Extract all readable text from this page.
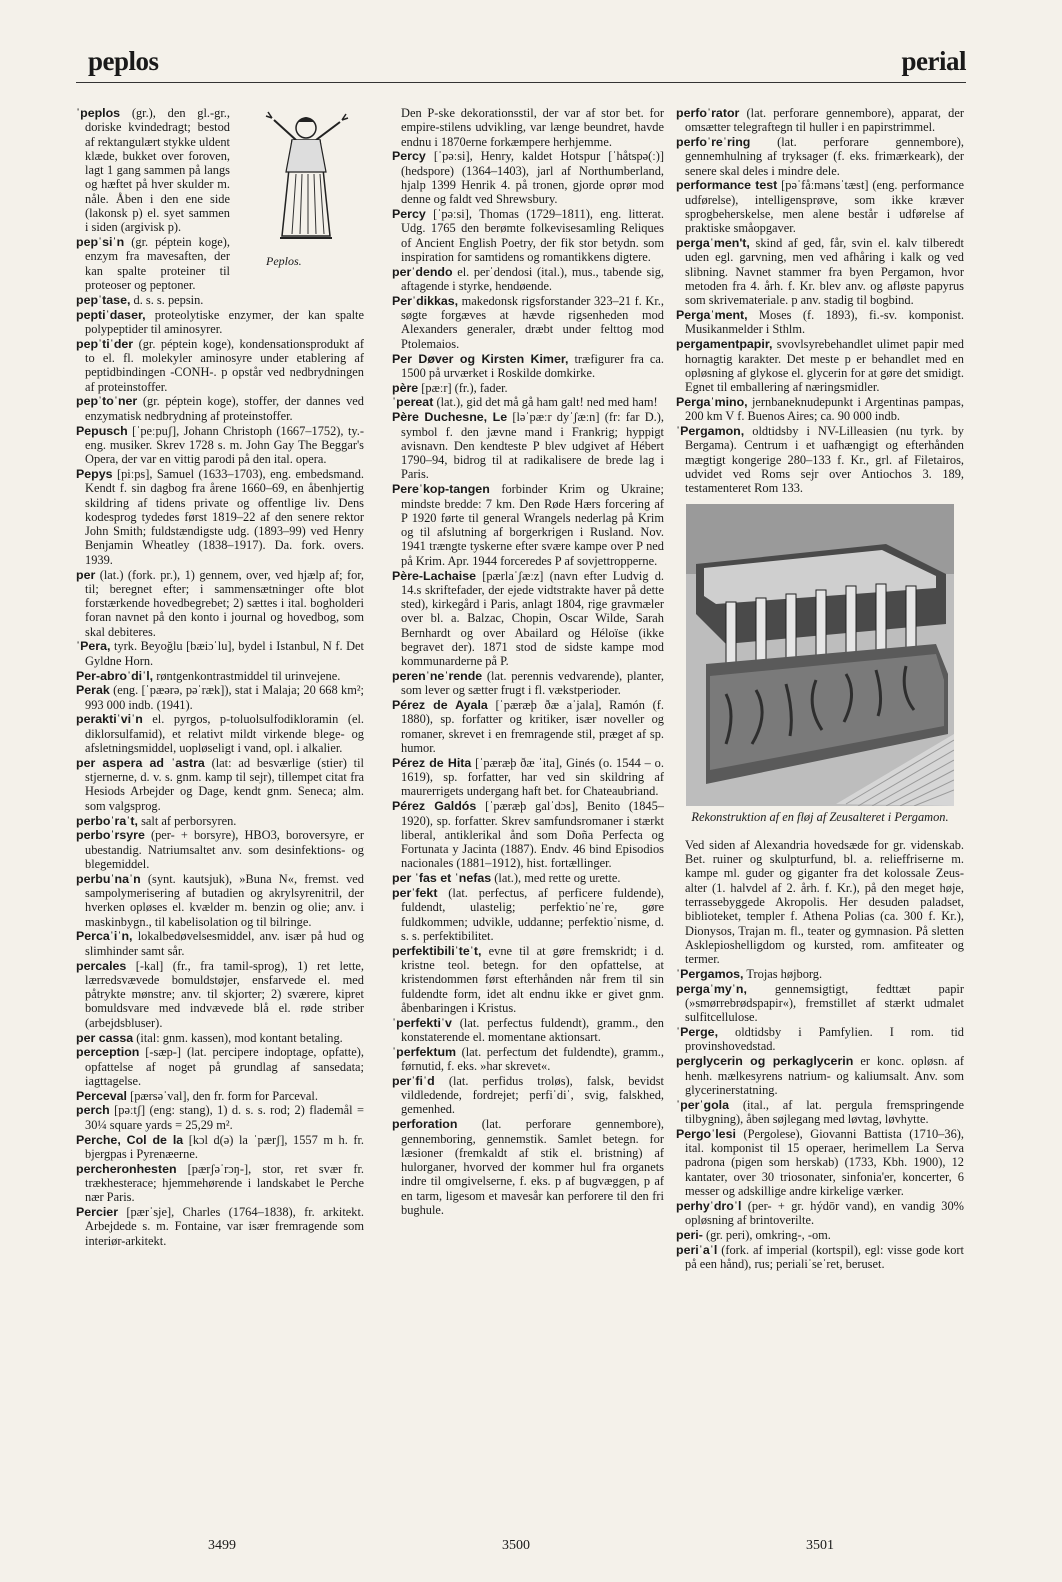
peplos	perial
Peplos.
ˈpeplos (gr.), den gl.-gr., doriske kvindedragt; bestod af rektangulært stykke uldent klæde, bukket over foroven, lagt 1 gang sammen på langs og hæftet på hver skulder m. nåle. Åben i den ene side (lakonsk p) el. syet sammen i siden (argivisk p).
pepˈsiˈn (gr. péptein koge), enzym fra mavesaften, der kan spalte proteiner til proteoser og peptoner.
pepˈtase, d. s. s. pepsin.
peptiˈdaser, proteolytiske enzymer, der kan spalte polypeptider til aminosyrer.
pepˈtiˈder (gr. péptein koge), kondensationsprodukt af to el. fl. molekyler aminosyre under etablering af peptidbindingen -CONH-. p opstår ved nedbrydningen af proteinstoffer.
pepˈtoˈner (gr. péptein koge), stoffer, der dannes ved enzymatisk nedbrydning af proteinstoffer.
Pepusch [ˈpeːpuʃ], Johann Christoph (1667–1752), ty.-eng. musiker. Skrev 1728 s. m. John Gay The Beggar's Opera, der var en vittig parodi på den ital. opera.
Pepys [piːps], Samuel (1633–1703), eng. embedsmand. Kendt f. sin dagbog fra årene 1660–69, en åbenhjertig skildring af tidens private og offentlige liv. Dens kodesprog tydedes først 1819–22 af den senere rektor John Smith; fuldstændigste udg. (1893–99) ved Henry Benjamin Wheatley (1838–1917). Da. fork. overs. 1939.
per (lat.) (fork. pr.), 1) gennem, over, ved hjælp af; for, til; beregnet efter; i sammensætninger ofte blot forstærkende hovedbegrebet; 2) sættes i ital. bogholderi foran navnet på den konto i journal og hovedbog, som skal debiteres.
ˈPera, tyrk. Beyoğlu [bæiɔˈlu], bydel i Istanbul, N f. Det Gyldne Horn.
Per-abroˈdiˈl, røntgenkontrastmiddel til urinvejene.
Perak (eng. [ˈpæərə, pəˈræk]), stat i Malaja; 20 668 km²; 993 000 indb. (1941).
peraktiˈviˈn el. pyrgos, p-toluolsulfodikloramin (el. diklorsulfamid), et relativt mildt virkende blege- og afsletningsmiddel, uopløseligt i vand, opl. i alkalier.
per aspera ad ˈastra (lat: ad besværlige (stier) til stjernerne, d. v. s. gnm. kamp til sejr), tillempet citat fra Hesiods Arbejder og Dage, kendt gnm. Seneca; alm. som valgsprog.
perboˈraˈt, salt af perborsyren.
perboˈrsyre (per- + borsyre), HBO3, boroversyre, er ubestandig. Natriumsaltet anv. som desinfektions- og blegemiddel.
perbuˈnaˈn (synt. kautsjuk), »Buna N«, fremst. ved sampolymerisering af butadien og akrylsyrenitril, der hverken opløses el. kvælder m. benzin og olie; anv. i maskinbygn., til kabelisolation og til bilringe.
Percaˈiˈn, lokalbedøvelsesmiddel, anv. især på hud og slimhinder samt sår.
percales [-kal] (fr., fra tamil-sprog), 1) ret lette, lærredsvævede bomuldstøjer, ensfarvede el. med påtrykte mønstre; anv. til skjorter; 2) sværere, kipret bomuldsvare med indvævede blå el. røde striber (arbejdsbluser).
per cassa (ital: gnm. kassen), mod kontant betaling.
perception [-sæp-] (lat. percipere indoptage, opfatte), opfattelse af noget på grundlag af sansedata; iagttagelse.
Perceval [pærsəˈval], den fr. form for Parceval.
perch [pəːtʃ] (eng: stang), 1) d. s. s. rod; 2) flademål = 30¼ square yards = 25,29 m².
Perche, Col de la [kɔl d(ə) la ˈpærʃ], 1557 m h. fr. bjergpas i Pyrenæerne.
percheronhesten [pærʃəˈrɔŋ-], stor, ret svær fr. trækhesterace; hjemmehørende i landskabet le Perche nær Paris.
Percier [pærˈsje], Charles (1764–1838), fr. arkitekt. Arbejdede s. m. Fontaine, var især fremragende som interiør-arkitekt.
Den P-ske dekorationsstil, der var af stor bet. for empire-stilens udvikling, var længe beundret, havde endnu i 1870erne forkæmpere herhjemme.
Percy [ˈpəːsi], Henry, kaldet Hotspur [ˈhåtspə(ː)] (hedspore) (1364–1403), jarl af Northumberland, hjalp 1399 Henrik 4. på tronen, gjorde oprør mod denne og faldt ved Shrewsbury.
Percy [ˈpəːsi], Thomas (1729–1811), eng. litterat. Udg. 1765 den berømte folkevisesamling Reliques of Ancient English Poetry, der fik stor betydn. som inspiration for samtidens og romantikkens digtere.
perˈdendo el. perˈdendosi (ital.), mus., tabende sig, aftagende i styrke, hendøende.
Perˈdikkas, makedonsk rigsforstander 323–21 f. Kr., søgte forgæves at hævde rigsenheden mod Alexanders generaler, dræbt under felttog mod Ptolemaios.
Per Døver og Kirsten Kimer, træfigurer fra ca. 1500 på urværket i Roskilde domkirke.
père [pæːr] (fr.), fader.
ˈpereat (lat.), gid det må gå ham galt! ned med ham!
Père Duchesne, Le [ləˈpæːr dyˈʃæːn] (fr: far D.), symbol f. den jævne mand i Frankrig; hyppigt avisnavn. Den kendteste P blev udgivet af Hébert 1790–94, bidrog til at radikalisere de brede lag i Paris.
Pereˈkop-tangen forbinder Krim og Ukraine; mindste bredde: 7 km. Den Røde Hærs forcering af P 1920 førte til general Wrangels nederlag på Krim og til afslutning af borgerkrigen i Rusland. Nov. 1941 trængte tyskerne efter svære kampe over P ned på Krim. Apr. 1944 forceredes P af sovjettropperne.
Père-Lachaise [pærlaˈʃæːz] (navn efter Ludvig d. 14.s skriftefader, der ejede vidtstrakte haver på dette sted), kirkegård i Paris, anlagt 1804, rige gravmæler over bl. a. Balzac, Chopin, Oscar Wilde, Sarah Bernhardt og over Abailard og Héloïse (ikke begravet der). 1871 stod de sidste kampe mod kommunarderne på P.
perenˈneˈrende (lat. perennis vedvarende), planter, som lever og sætter frugt i fl. vækstperioder.
Pérez de Ayala [ˈpæræþ ðæ aˈjala], Ramón (f. 1880), sp. forfatter og kritiker, især noveller og romaner, skrevet i en fremragende stil, præget af sp. humor.
Pérez de Hita [ˈpæræþ ðæ ˈita], Ginés (o. 1544 – o. 1619), sp. forfatter, har ved sin skildring af maurerrigets undergang haft bet. for Chateaubriand.
Pérez Galdós [ˈpæræþ galˈdɔs], Benito (1845–1920), sp. forfatter. Skrev samfundsromaner i stærkt liberal, antiklerikal ånd som Doña Perfecta og Fortunata y Jacinta (1887). Endv. 46 bind Episodios nacionales (1881–1912), hist. fortællinger.
per ˈfas et ˈnefas (lat.), med rette og urette.
perˈfekt (lat. perfectus, af perficere fuldende), fuldendt, ulastelig; perfektioˈneˈre, gøre fuldkommen; udvikle, uddanne; perfektioˈnisme, d. s. s. perfektibilitet.
perfektibiliˈteˈt, evne til at gøre fremskridt; i d. kristne teol. betegn. for den opfattelse, at kristendommen først efterhånden når frem til sin fuldendte form, idet alt endnu ikke er givet gnm. åbenbaringen i Kristus.
ˈperfektiˈv (lat. perfectus fuldendt), gramm., den konstaterende el. momentane aktionsart.
ˈperfektum (lat. perfectum det fuldendte), gramm., førnutid, f. eks. »har skrevet«.
perˈfiˈd (lat. perfidus troløs), falsk, bevidst vildledende, fordrejet; perfiˈdiˈ, svig, falskhed, gemenhed.
perforation (lat. perforare gennembore), gennemboring, gennemstik. Samlet betegn. for læsioner (fremkaldt af stik el. bristning) af hulorganer, hvorved der kommer hul fra organets indre til omgivelserne, f. eks. p af bugvæggen, p af en tarm, ligesom et mavesår kan perforere til den fri bughule.
perfoˈrator (lat. perforare gennembore), apparat, der omsætter telegraftegn til huller i en papirstrimmel.
perfoˈreˈring (lat. perforare gennembore), gennemhulning af tryksager (f. eks. frimærkeark), der senere skal deles i mindre dele.
performance test [pəˈfåːmənsˈtæst] (eng. performance udførelse), intelligensprøve, som ikke kræver sprogbeherskelse, men alene består i udførelse af praktiske småopgaver.
pergaˈmen't, skind af ged, får, svin el. kalv tilberedt uden egl. garvning, men ved afhåring i kalk og ved slibning. Navnet stammer fra byen Pergamon, hvor metoden fra 4. årh. f. Kr. blev anv. og afløste papyrus som skrivemateriale. p anv. stadig til bogbind.
Pergaˈment, Moses (f. 1893), fi.-sv. komponist. Musikanmelder i Sthlm.
pergamentpapir, svovlsyrebehandlet ulimet papir med hornagtig karakter. Det meste p er behandlet med en opløsning af glykose el. glycerin for at gøre det smidigt. Egnet til emballering af næringsmidler.
Pergaˈmino, jernbaneknudepunkt i Argentinas pampas, 200 km V f. Buenos Aires; ca. 90 000 indb.
ˈPergamon, oldtidsby i NV-Lilleasien (nu tyrk. by Bergama). Centrum i et uafhængigt og efterhånden mægtigt kongerige 280–133 f. Kr., grl. af Filetairos, udvidet ved Roms sejr over Antiochos 3. 189, testamenteret Rom 133.
Rekonstruktion af en fløj af Zeusalteret i Pergamon.
Ved siden af Alexandria hovedsæde for gr. videnskab. Bet. ruiner og skulpturfund, bl. a. relieffriserne m. kampe ml. guder og giganter fra det kolossale Zeus-alter (1. halvdel af 2. årh. f. Kr.), på den meget høje, terrassebyggede Akropolis. Her desuden paladset, biblioteket, templer f. Athena Polias (ca. 300 f. Kr.), Dionysos, Trajan m. fl., teater og gymnasion. På sletten Asklepioshelligdom og kursted, rom. amfiteater og termer.
ˈPergamos, Trojas højborg.
pergaˈmyˈn, gennemsigtigt, fedttæt papir (»smørrebrødspapir«), fremstillet af stærkt udmalet sulfitcellulose.
ˈPerge, oldtidsby i Pamfylien. I rom. tid provinshovedstad.
perglycerin og perkaglycerin er konc. opløsn. af henh. mælkesyrens natrium- og kaliumsalt. Anv. som glycerinerstatning.
ˈperˈgola (ital., af lat. pergula fremspringende tilbygning), åben søjlegang med løvtag, løvhytte.
Pergoˈlesi (Pergolese), Giovanni Battista (1710–36), ital. komponist til 15 operaer, herimellem La Serva padrona (pigen som herskab) (1733, Kbh. 1900), 12 kantater, over 30 triosonater, sinfonia'er, koncerter, 6 messer og adskillige andre kirkelige værker.
perhyˈdroˈl (per- + gr. hýdōr vand), en vandig 30% opløsning af brintoverilte.
peri- (gr. peri), omkring-, -om.
periˈaˈl (fork. af imperial (kortspil), egl: visse gode kort på een hånd), rus; perialiˈseˈret, beruset.
3499	3500	3501
